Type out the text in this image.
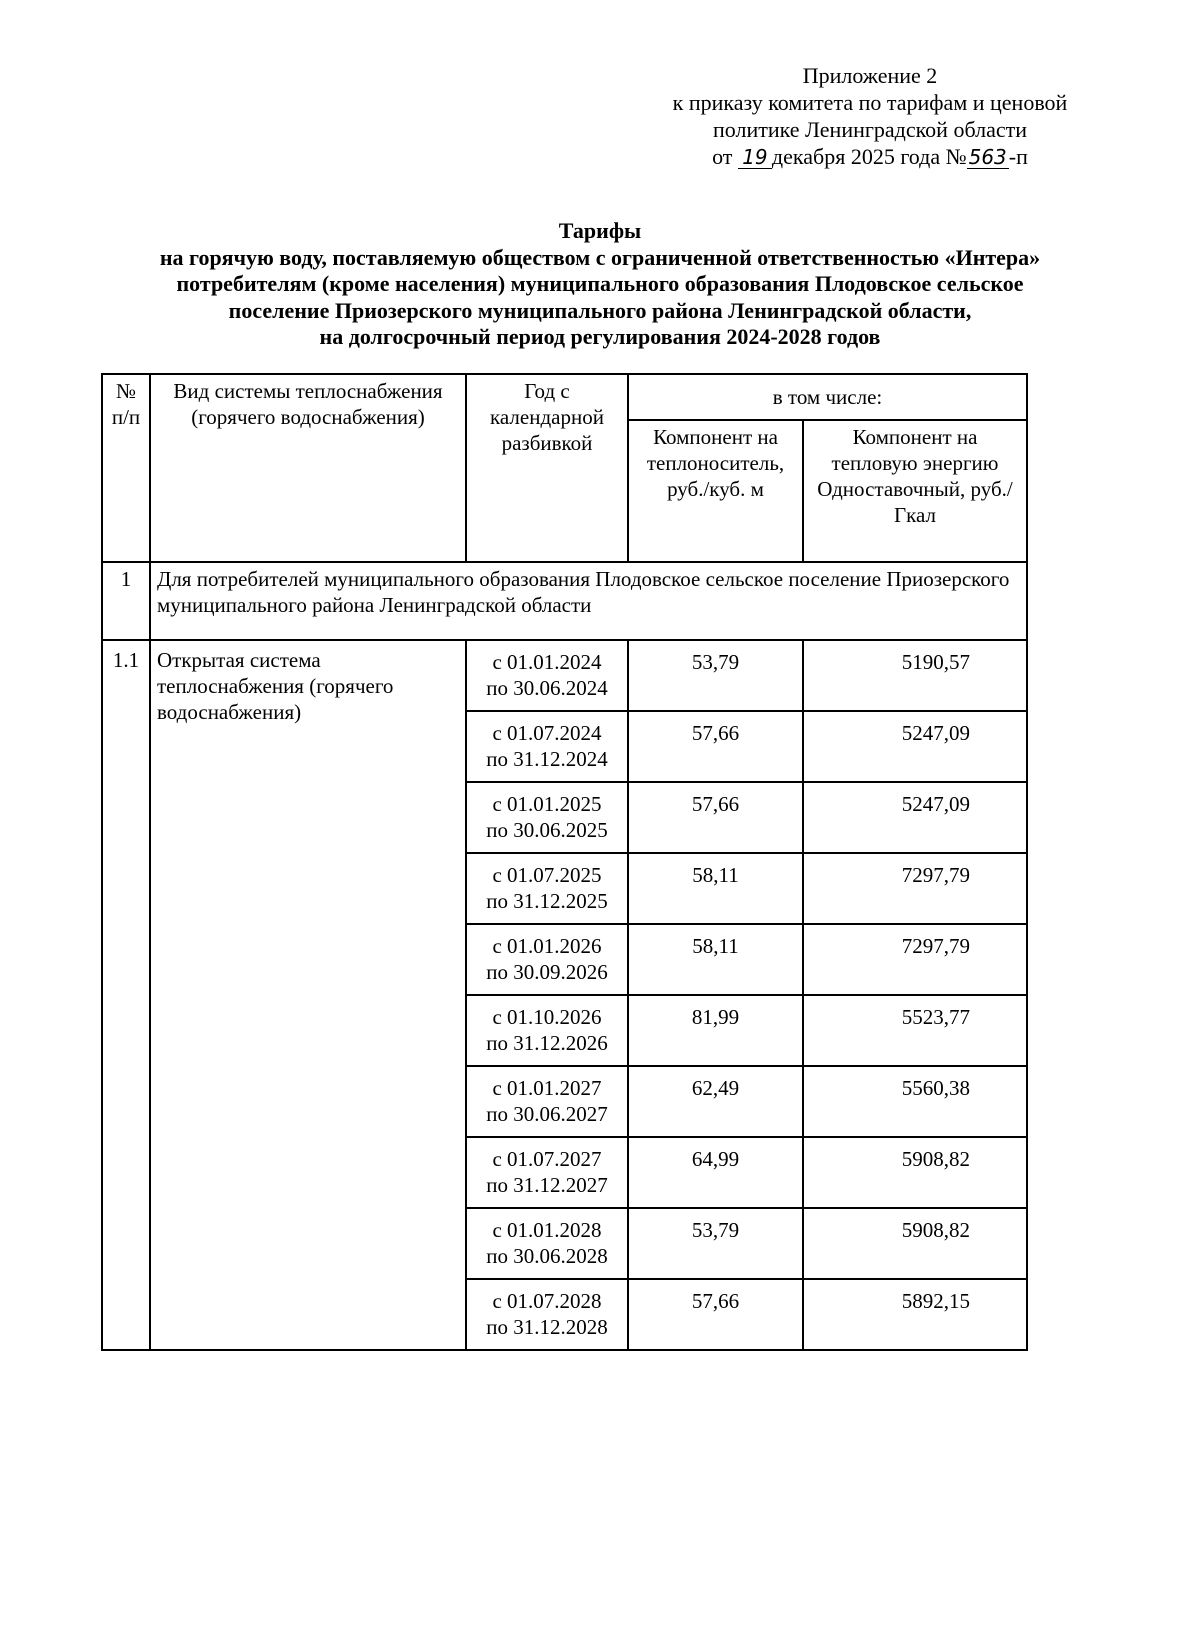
Приложение 2
к приказу комитета по тарифам и ценовой
политике Ленинградской области
от 19 декабря 2025 года № 563-п
Тарифы
на горячую воду, поставляемую обществом с ограниченной ответственностью «Интера»
потребителям (кроме населения) муниципального образования Плодовское сельское
поселение Приозерского муниципального района Ленинградской области,
на долгосрочный период регулирования 2024-2028 годов
№ п/п	Вид системы теплоснабжения (горячего водоснабжения)	Год с календарной разбивкой	в том числе:	
			Компонент на теплоноситель, руб./куб. м	Компонент на тепловую энергию Одноставочный, руб./Гкал
1	Для потребителей муниципального образования Плодовское сельское поселение Приозерского муниципального района Ленинградской области			
1.1	Открытая система теплоснабжения (горячего водоснабжения)	с 01.01.2024
по 30.06.2024	53,79	5190,57

		с 01.07.2024
по 31.12.2024	57,66	5247,09

		с 01.01.2025
по 30.06.2025	57,66	5247,09

		с 01.07.2025
по 31.12.2025	58,11	7297,79

		с 01.01.2026
по 30.09.2026	58,11	7297,79

		с 01.10.2026
по 31.12.2026	81,99	5523,77

		с 01.01.2027
по 30.06.2027	62,49	5560,38

		с 01.07.2027
по 31.12.2027	64,99	5908,82

		с 01.01.2028
по 30.06.2028	53,79	5908,82

		с 01.07.2028
по 31.12.2028	57,66	5892,15
